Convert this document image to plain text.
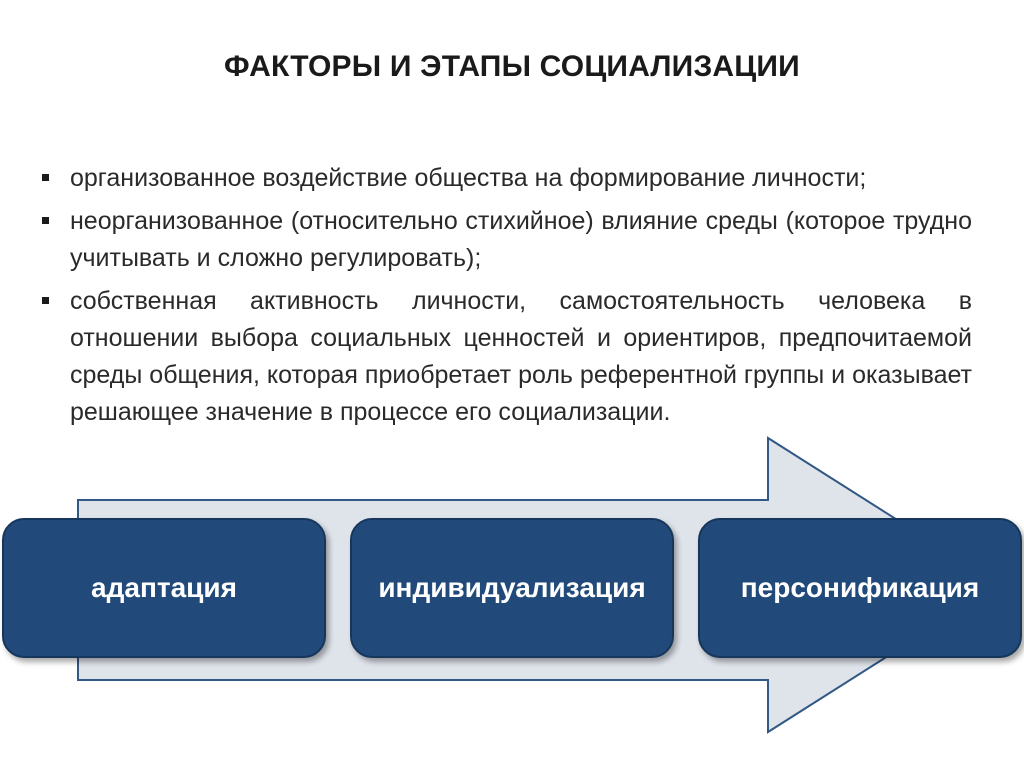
ФАКТОРЫ И ЭТАПЫ СОЦИАЛИЗАЦИИ
организованное воздействие общества на формирование личности;
неорганизованное (относительно стихийное) влияние среды (которое трудно учитывать и сложно регулировать);
собственная активность личности, самостоятельность человека в отношении выбора социальных ценностей и ориентиров, предпочитаемой среды общения, которая приобретает роль референтной группы и оказывает решающее значение в процессе его социализации.
адаптация	индивидуализация	персонификация
